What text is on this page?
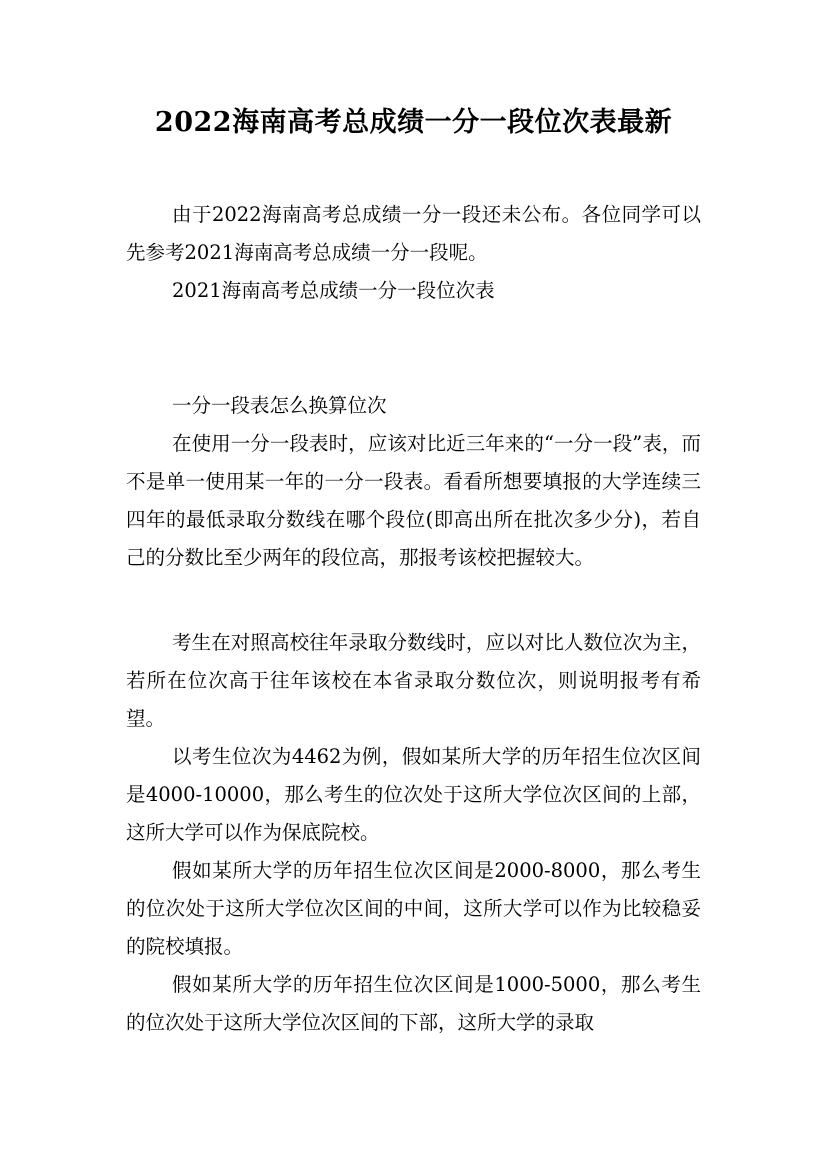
2022海南高考总成绩一分一段位次表最新
由于2022海南高考总成绩一分一段还未公布。各位同学可以先参考2021海南高考总成绩一分一段呢。
2021海南高考总成绩一分一段位次表
一分一段表怎么换算位次
在使用一分一段表时，应该对比近三年来的“一分一段”表，而不是单一使用某一年的一分一段表。看看所想要填报的大学连续三四年的最低录取分数线在哪个段位(即高出所在批次多少分)，若自己的分数比至少两年的段位高，那报考该校把握较大。
考生在对照高校往年录取分数线时，应以对比人数位次为主，若所在位次高于往年该校在本省录取分数位次，则说明报考有希望。
以考生位次为4462为例，假如某所大学的历年招生位次区间是4000-10000，那么考生的位次处于这所大学位次区间的上部，这所大学可以作为保底院校。
假如某所大学的历年招生位次区间是2000-8000，那么考生的位次处于这所大学位次区间的中间，这所大学可以作为比较稳妥的院校填报。
假如某所大学的历年招生位次区间是1000-5000，那么考生的位次处于这所大学位次区间的下部，这所大学的录取
